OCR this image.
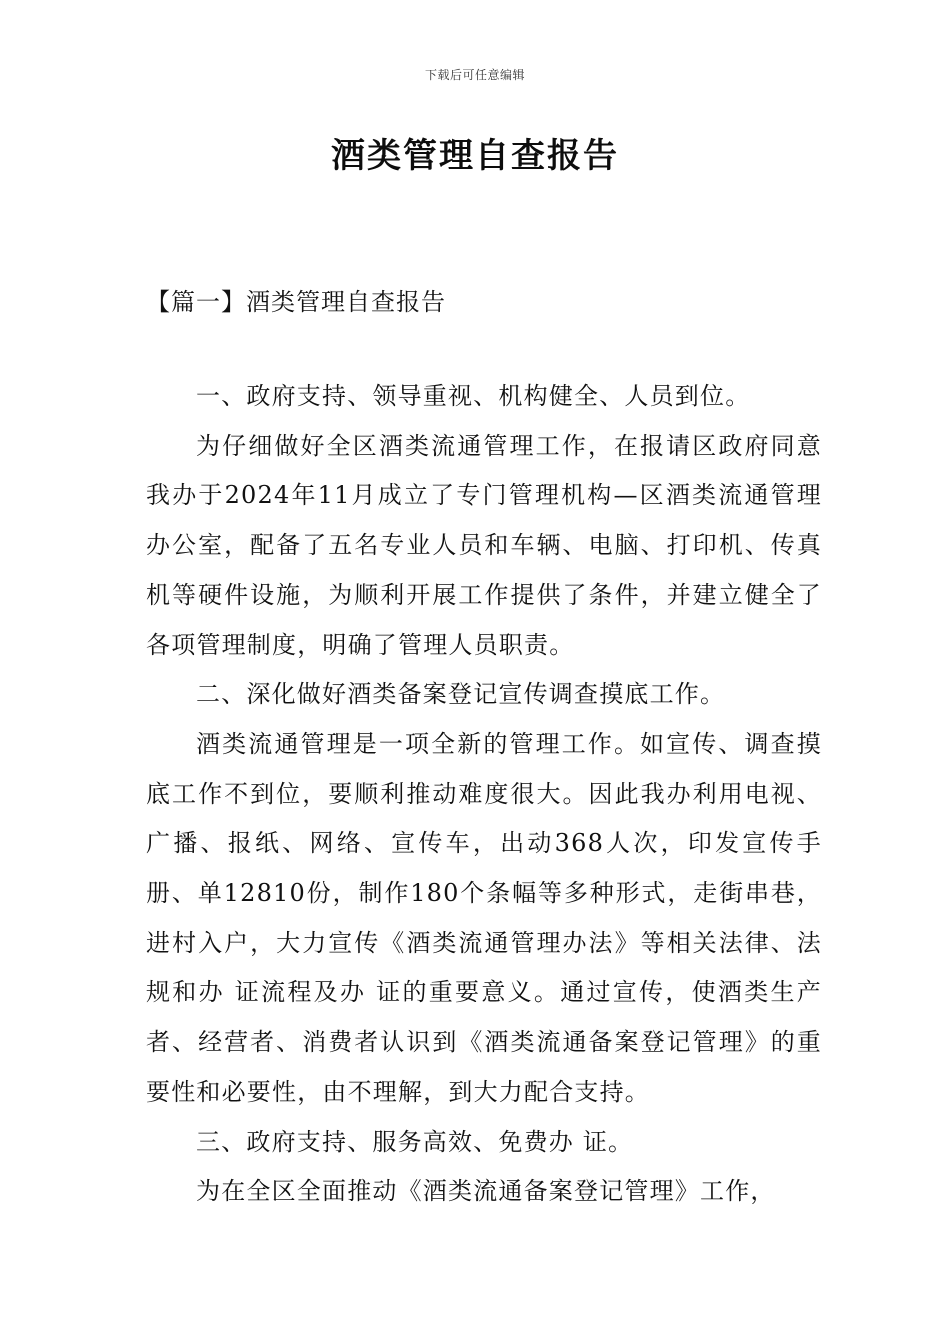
下载后可任意编辑
酒类管理自查报告
【篇一】酒类管理自查报告

一、政府支持、领导重视、机构健全、人员到位。

为仔细做好全区酒类流通管理工作，在报请区政府同意我办于2024年11月成立了专门管理机构—区酒类流通管理办公室，配备了五名专业人员和车辆、电脑、打印机、传真机等硬件设施，为顺利开展工作提供了条件，并建立健全了各项管理制度，明确了管理人员职责。

二、深化做好酒类备案登记宣传调查摸底工作。

酒类流通管理是一项全新的管理工作。如宣传、调查摸底工作不到位，要顺利推动难度很大。因此我办利用电视、广播、报纸、网络、宣传车，出动368人次，印发宣传手册、单12810份，制作180个条幅等多种形式，走街串巷，进村入户，大力宣传《酒类流通管理办法》等相关法律、法规和办 证流程及办 证的重要意义。通过宣传，使酒类生产者、经营者、消费者认识到《酒类流通备案登记管理》的重要性和必要性，由不理解，到大力配合支持。

三、政府支持、服务高效、免费办 证。

为在全区全面推动《酒类流通备案登记管理》工作，
